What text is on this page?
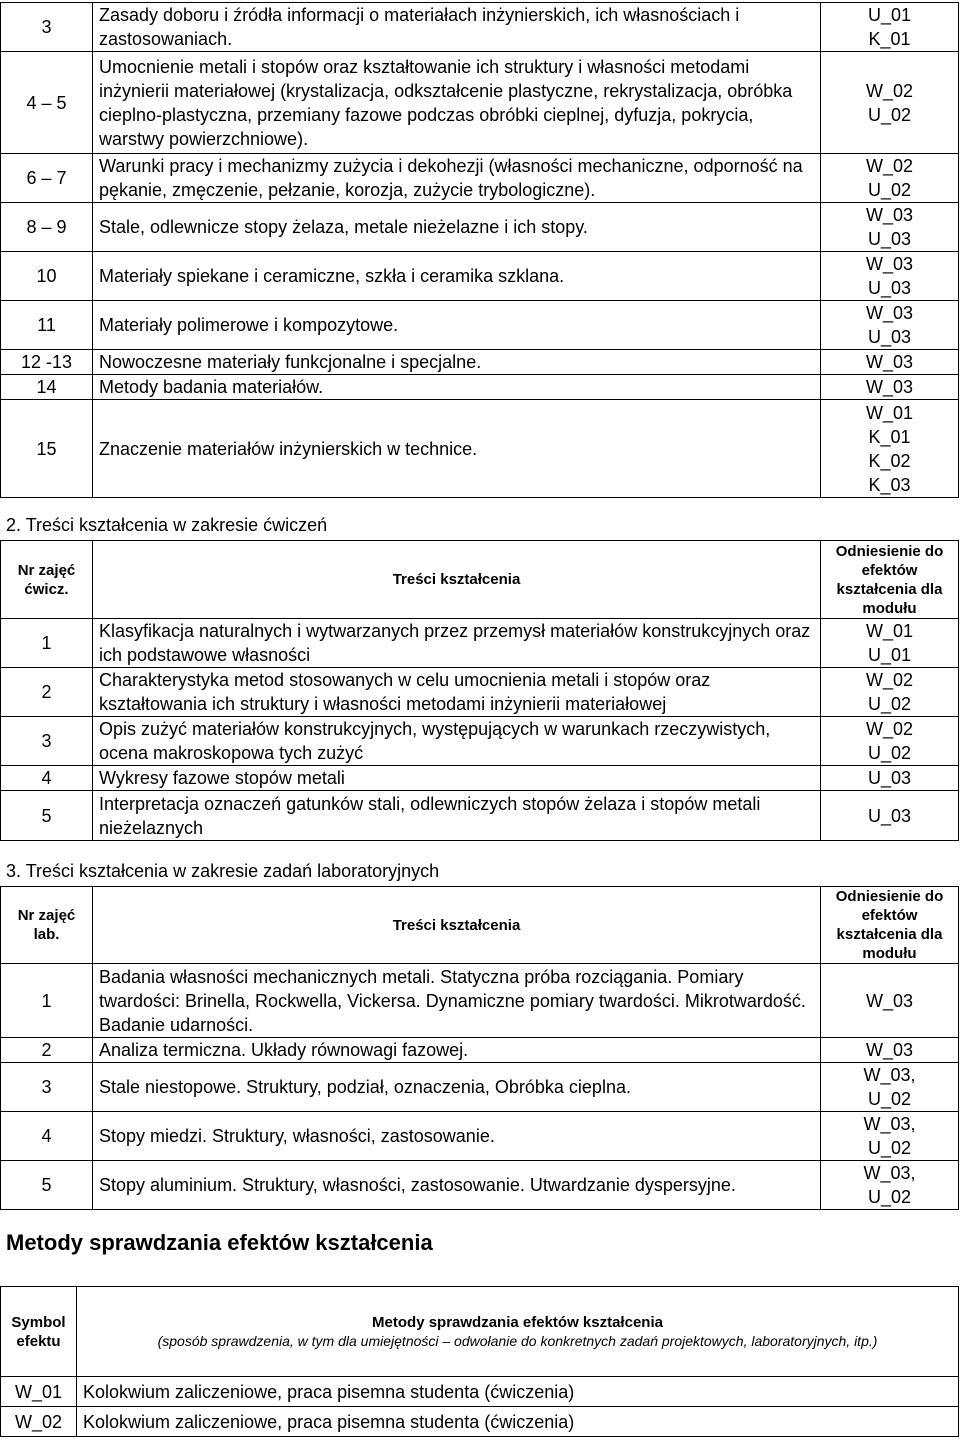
3	Zasady doboru i źródła informacji o materiałach inżynierskich, ich własnościach i zastosowaniach.	U_01
K_01
4 – 5	Umocnienie metali i stopów oraz kształtowanie ich struktury i własności metodami inżynierii materiałowej (krystalizacja, odkształcenie plastyczne, rekrystalizacja, obróbka cieplno-plastyczna, przemiany fazowe podczas obróbki cieplnej, dyfuzja, pokrycia, warstwy powierzchniowe).	W_02
U_02
6 – 7	Warunki pracy i mechanizmy zużycia i dekohezji (własności mechaniczne, odporność na pękanie, zmęczenie, pełzanie, korozja, zużycie trybologiczne).	W_02
U_02
8 – 9	Stale, odlewnicze stopy żelaza, metale nieżelazne i ich stopy.	W_03
U_03
10	Materiały spiekane i ceramiczne, szkła i ceramika szklana.	W_03
U_03
11	Materiały polimerowe i kompozytowe.	W_03
U_03
12 -13	Nowoczesne materiały funkcjonalne i specjalne.	W_03
14	Metody badania materiałów.	W_03
15	Znaczenie materiałów inżynierskich w technice.	W_01
K_01
K_02
K_03
2. Treści kształcenia w zakresie ćwiczeń
Nr zajęć ćwicz.	Treści kształcenia	Odniesienie do efektów kształcenia dla modułu
1	Klasyfikacja naturalnych i wytwarzanych przez przemysł materiałów konstrukcyjnych oraz ich podstawowe własności	W_01
U_01
2	Charakterystyka metod stosowanych w celu umocnienia metali i stopów oraz kształtowania ich struktury i własności metodami inżynierii materiałowej	W_02
U_02
3	Opis zużyć materiałów konstrukcyjnych, występujących w warunkach rzeczywistych, ocena makroskopowa tych zużyć	W_02
U_02
4	Wykresy fazowe stopów metali	U_03
5	Interpretacja oznaczeń gatunków stali, odlewniczych stopów żelaza i stopów metali nieżelaznych	U_03
3. Treści kształcenia w zakresie zadań laboratoryjnych
Nr zajęć lab.	Treści kształcenia	Odniesienie do efektów kształcenia dla modułu
1	Badania własności mechanicznych metali. Statyczna próba rozciągania. Pomiary twardości: Brinella, Rockwella, Vickersa. Dynamiczne pomiary twardości. Mikrotwardość. Badanie udarności.	W_03
2	Analiza termiczna. Układy równowagi fazowej.	W_03
3	Stale niestopowe. Struktury, podział, oznaczenia, Obróbka cieplna.	W_03,
U_02
4	Stopy miedzi. Struktury, własności, zastosowanie.	W_03,
U_02
5	Stopy aluminium. Struktury, własności, zastosowanie. Utwardzanie dyspersyjne.	W_03,
U_02
Metody sprawdzania efektów kształcenia
Symbol efektu	Metody sprawdzania efektów kształcenia
(sposób sprawdzenia, w tym dla umiejętności – odwołanie do konkretnych zadań projektowych, laboratoryjnych, itp.)

W_01	Kolokwium zaliczeniowe, praca pisemna studenta (ćwiczenia)
W_02	Kolokwium zaliczeniowe, praca pisemna studenta (ćwiczenia)
